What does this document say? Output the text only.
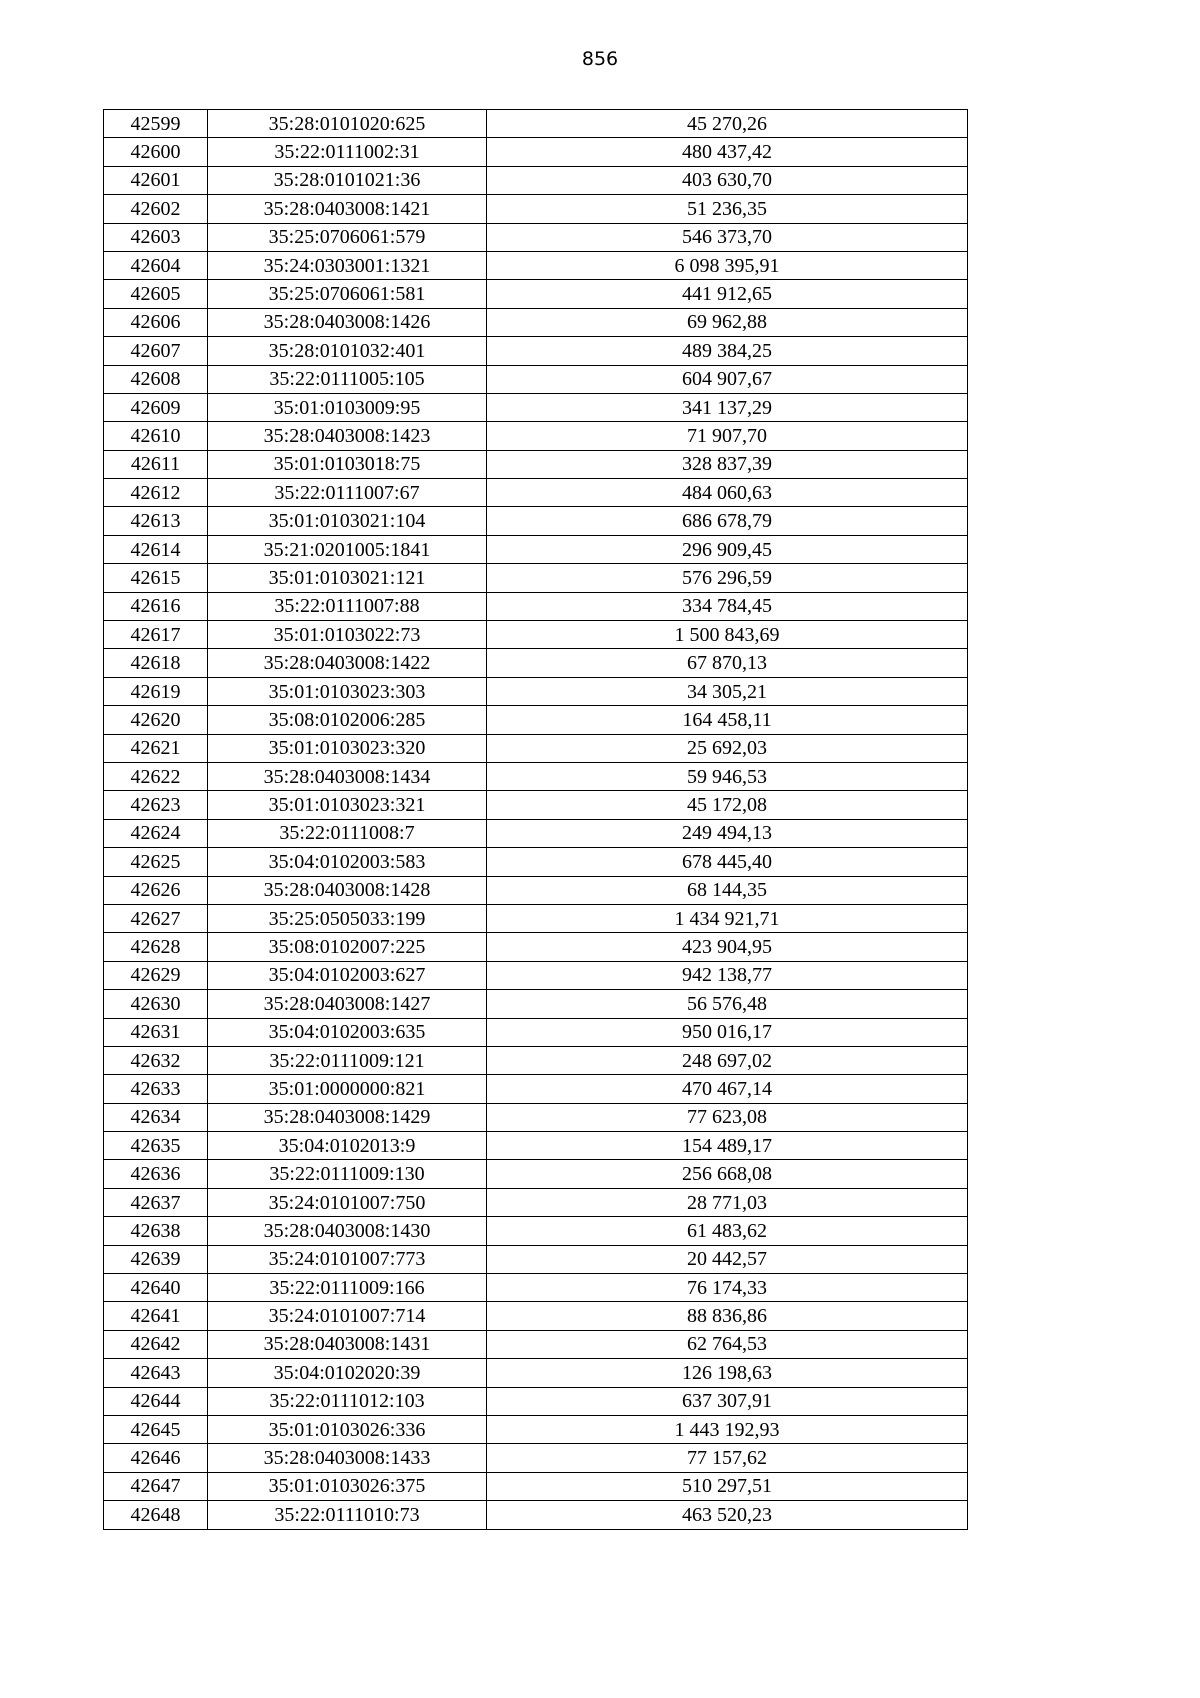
856
42599	35:28:0101020:625	45 270,26
42600	35:22:0111002:31	480 437,42
42601	35:28:0101021:36	403 630,70
42602	35:28:0403008:1421	51 236,35
42603	35:25:0706061:579	546 373,70
42604	35:24:0303001:1321	6 098 395,91
42605	35:25:0706061:581	441 912,65
42606	35:28:0403008:1426	69 962,88
42607	35:28:0101032:401	489 384,25
42608	35:22:0111005:105	604 907,67
42609	35:01:0103009:95	341 137,29
42610	35:28:0403008:1423	71 907,70
42611	35:01:0103018:75	328 837,39
42612	35:22:0111007:67	484 060,63
42613	35:01:0103021:104	686 678,79
42614	35:21:0201005:1841	296 909,45
42615	35:01:0103021:121	576 296,59
42616	35:22:0111007:88	334 784,45
42617	35:01:0103022:73	1 500 843,69
42618	35:28:0403008:1422	67 870,13
42619	35:01:0103023:303	34 305,21
42620	35:08:0102006:285	164 458,11
42621	35:01:0103023:320	25 692,03
42622	35:28:0403008:1434	59 946,53
42623	35:01:0103023:321	45 172,08
42624	35:22:0111008:7	249 494,13
42625	35:04:0102003:583	678 445,40
42626	35:28:0403008:1428	68 144,35
42627	35:25:0505033:199	1 434 921,71
42628	35:08:0102007:225	423 904,95
42629	35:04:0102003:627	942 138,77
42630	35:28:0403008:1427	56 576,48
42631	35:04:0102003:635	950 016,17
42632	35:22:0111009:121	248 697,02
42633	35:01:0000000:821	470 467,14
42634	35:28:0403008:1429	77 623,08
42635	35:04:0102013:9	154 489,17
42636	35:22:0111009:130	256 668,08
42637	35:24:0101007:750	28 771,03
42638	35:28:0403008:1430	61 483,62
42639	35:24:0101007:773	20 442,57
42640	35:22:0111009:166	76 174,33
42641	35:24:0101007:714	88 836,86
42642	35:28:0403008:1431	62 764,53
42643	35:04:0102020:39	126 198,63
42644	35:22:0111012:103	637 307,91
42645	35:01:0103026:336	1 443 192,93
42646	35:28:0403008:1433	77 157,62
42647	35:01:0103026:375	510 297,51
42648	35:22:0111010:73	463 520,23
